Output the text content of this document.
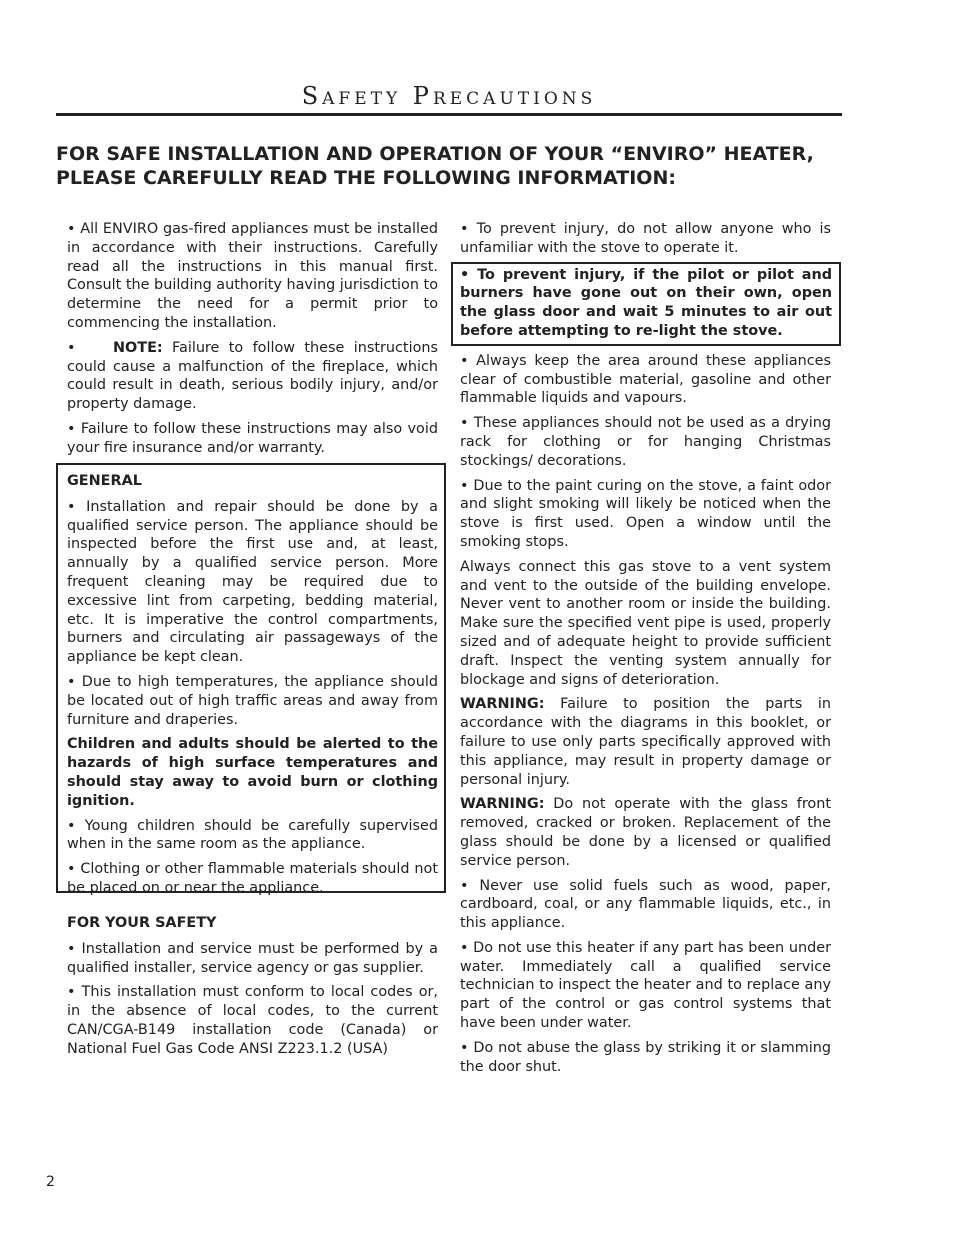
Safety Precautions
FOR SAFE INSTALLATION AND OPERATION OF YOUR “ENVIRO” HEATER,
PLEASE CAREFULLY READ THE FOLLOWING INFORMATION:

• All ENVIRO gas-fired appliances must be installed in accordance with their instructions. Carefully read all the instructions in this manual first. Consult the building authority having jurisdiction to determine the need for a permit prior to commencing the installation.

•    NOTE: Failure to follow these instructions could cause a malfunction of the fireplace, which could result in death, serious bodily injury, and/or property damage.

• Failure to follow these instructions may also void your fire insurance and/or warranty.

GENERAL

• Installation and repair should be done by a qualified service person. The appliance should be inspected before the first use and, at least, annually by a qualified service person. More frequent cleaning may be required due to excessive lint from carpeting, bedding material, etc. It is imperative the control compartments, burners and circulating air passageways of the appliance be kept clean.

• Due to high temperatures, the appliance should be located out of high traffic areas and away from furniture and draperies.

Children and adults should be alerted to the hazards of high surface temperatures and should stay away to avoid burn or clothing ignition.

• Young children should be carefully supervised when in the same room as the appliance.

• Clothing or other flammable materials should not be placed on or near the appliance.

FOR YOUR SAFETY

• Installation and service must be performed by a qualified installer, service agency or gas supplier.

• This installation must conform to local codes or, in the absence of local codes, to the current CAN/CGA-B149 installation code (Canada) or National Fuel Gas Code ANSI Z223.1.2 (USA)

• To prevent injury, do not allow anyone who is unfamiliar with the stove to operate it.

• To prevent injury, if the pilot or pilot and burners have gone out on their own, open the glass door and wait 5 minutes to air out before attempting to re-light the stove.

• Always keep the area around these appliances clear of combustible material, gasoline and other flammable liquids and vapours.

• These appliances should not be used as a drying rack for clothing or for hanging Christmas stockings/ decorations.

• Due to the paint curing on the stove, a faint odor and slight smoking will likely be noticed when the stove is first used. Open a window until the smoking stops.

Always connect this gas stove to a vent system and vent to the outside of the building envelope. Never vent to another room or inside the building. Make sure the specified vent pipe is used, properly sized and of adequate height to provide sufficient draft. Inspect the venting system annually for blockage and signs of deterioration.

WARNING: Failure to position the parts in accordance with the diagrams in this booklet, or failure to use only parts specifically approved with this appliance, may result in property damage or personal injury.

WARNING: Do not operate with the glass front removed, cracked or broken. Replacement of the glass should be done by a licensed or qualified service person.

• Never use solid fuels such as wood, paper, cardboard, coal, or any flammable liquids, etc., in this appliance.

• Do not use this heater if any part has been under water. Immediately call a qualified service technician to inspect the heater and to replace any part of the control or gas control systems that have been under water.

• Do not abuse the glass by striking it or slamming the door shut.

2
